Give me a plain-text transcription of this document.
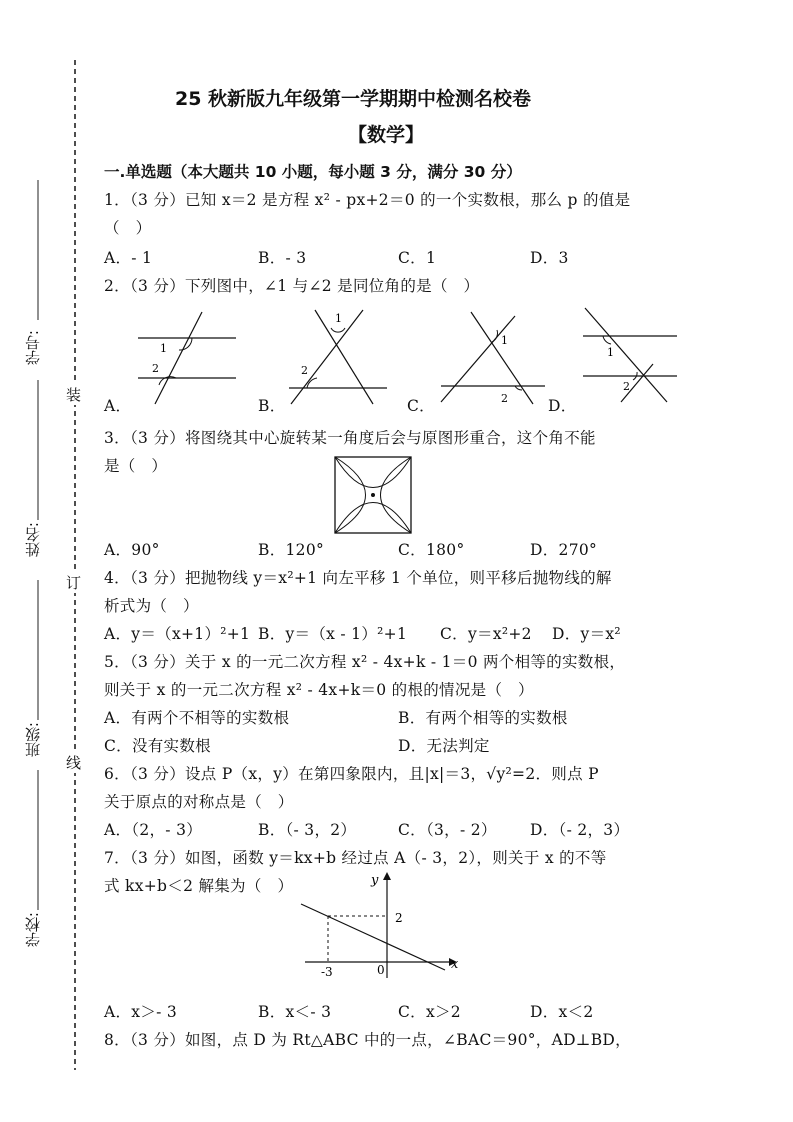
学号:
姓名:
班级:
学校:
装
订
线
25 秋新版九年级第一学期期中检测名校卷
【数学】
一.单选题（本大题共 10 小题，每小题 3 分，满分 30 分）
1．（3 分）已知 x＝2 是方程 x² - px+2＝0 的一个实数根，那么 p 的值是
（　）
A．- 1	B．- 3	C．1	D．3
2．（3 分）下列图中，∠1 与∠2 是同位角的是（　）
A．	B．	C．	D．
1
2
1
2
1
2
1
2
3．（3 分）将图绕其中心旋转某一角度后会与原图形重合，这个角不能
是（　）
A．90°	B．120°	C．180°	D．270°
4．（3 分）把抛物线 y＝x²+1 向左平移 1 个单位，则平移后抛物线的解
析式为（　）
A．y＝（x+1）²+1 B．y＝（x - 1）²+1 C．y＝x²+2 D．y＝x²
5．（3 分）关于 x 的一元二次方程 x² - 4x+k - 1＝0 两个相等的实数根，
则关于 x 的一元二次方程 x² - 4x+k＝0 的根的情况是（　）
A．有两个不相等的实数根	B．有两个相等的实数根
C．没有实数根	D．无法判定
6．（3 分）设点 P（x，y）在第四象限内，且|x|＝3，√y²=2．则点 P
关于原点的对称点是（　）
A．（2，- 3）	B．（- 3，2）	C．（3，- 2） D．（- 2，3）
7．（3 分）如图，函数 y＝kx+b 经过点 A（- 3，2），则关于 x 的不等
式 kx+b＜2 解集为（　）	y
x
2
-3	0
A．x＞- 3	B．x＜- 3	C．x＞2	D．x＜2
8．（3 分）如图，点 D 为 Rt△ABC 中的一点，∠BAC＝90°，AD⊥BD，
